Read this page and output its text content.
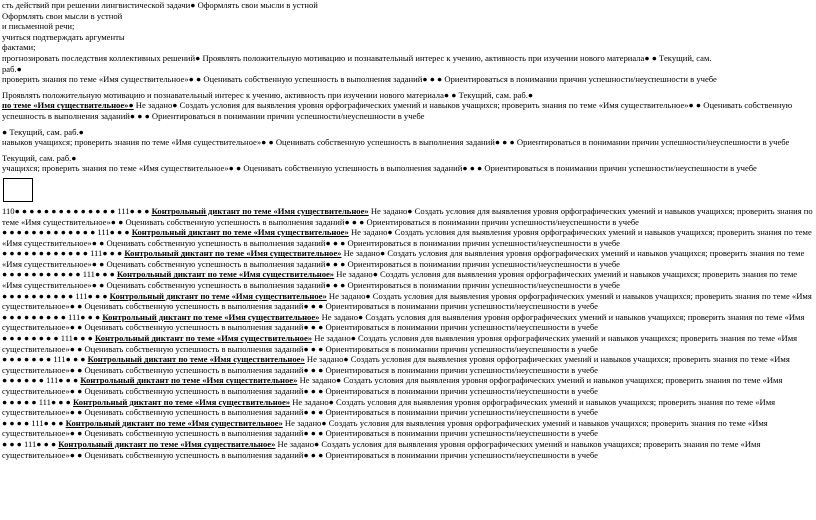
сть действий при решении лингвистической задачи● Оформлять свои мысли в устной
Оформлять свои мысли в устной
и письменной речи;
учиться подтверждать аргументы
фактами;
прогнозировать последствия коллективных решений● Проявлять положительную мотивацию и познавательный интерес к учению, активность при изучении нового материала● ● Текущий, сам.
раб.●
проверить знания по теме «Имя существительное»● ● Оценивать собственную успешность в выполнения заданий● ● ● Ориентироваться в понимании причин успешности/неуспешности в учебе
Проявлять положительную мотивацию и познавательный интерес к учению, активность при изучении нового материала● ● Текущий, сам. раб.●
по теме «Имя существительное»● Не задано● Создать условия для выявления уровня орфографических умений и навыков учащихся; проверить знания по теме «Имя существительное»● ● Оценивать собственную успешность в выполнения заданий● ● ● Ориентироваться в понимании причин успешности/неуспешности в учебе
● Текущий, сам. раб.●
навыков учащихся; проверить знания по теме «Имя существительное»● ● Оценивать собственную успешность в выполнения заданий● ● ● Ориентироваться в понимании причин успешности/неуспешности в учебе
Текущий, сам. раб.●
учащихся; проверить знания по теме «Имя существительное»● ● Оценивать собственную успешность в выполнения заданий● ● ● Ориентироваться в понимании причин успешности/неуспешности в учебе
110● ● ● ● ● ● ● ● ● ● ● ● ● ● 111● ● ● Контрольный диктант по теме «Имя существительное» Не задано● Создать условия для выявления уровня орфографических умений и навыков учащихся; проверить знания по теме «Имя существительное»● ● Оценивать собственную успешность в выполнения заданий● ● ● Ориентироваться в понимании причин успешности/неуспешности в учебе
● ● ● ● ● ● ● ● ● ● ● ● ● 111● ● ● Контрольный диктант по теме «Имя существительное» Не задано● Создать условия для выявления уровня орфографических умений и навыков учащихся; проверить знания по теме «Имя существительное»● ● Оценивать собственную успешность в выполнения заданий● ● ● Ориентироваться в понимании причин успешности/неуспешности в учебе
● ● ● ● ● ● ● ● ● ● ● ● 111● ● ● Контрольный диктант по теме «Имя существительное» Не задано● Создать условия для выявления уровня орфографических умений и навыков учащихся; проверить знания по теме «Имя существительное»● ● Оценивать собственную успешность в выполнения заданий● ● ● Ориентироваться в понимании причин успешности/неуспешности в учебе
● ● ● ● ● ● ● ● ● ● ● 111● ● ● Контрольный диктант по теме «Имя существительное» Не задано● Создать условия для выявления уровня орфографических умений и навыков учащихся; проверить знания по теме «Имя существительное»● ● Оценивать собственную успешность в выполнения заданий● ● ● Ориентироваться в понимании причин успешности/неуспешности в учебе
● ● ● ● ● ● ● ● ● ● 111● ● ● Контрольный диктант по теме «Имя существительное» Не задано● Создать условия для выявления уровня орфографических умений и навыков учащихся; проверить знания по теме «Имя существительное»● ● Оценивать собственную успешность в выполнения заданий● ● ● Ориентироваться в понимании причин успешности/неуспешности в учебе
● ● ● ● ● ● ● ● ● 111● ● ● Контрольный диктант по теме «Имя существительное» Не задано● Создать условия для выявления уровня орфографических умений и навыков учащихся; проверить знания по теме «Имя существительное»● ● Оценивать собственную успешность в выполнения заданий● ● ● Ориентироваться в понимании причин успешности/неуспешности в учебе
● ● ● ● ● ● ● ● 111● ● ● Контрольный диктант по теме «Имя существительное» Не задано● Создать условия для выявления уровня орфографических умений и навыков учащихся; проверить знания по теме «Имя существительное»● ● Оценивать собственную успешность в выполнения заданий● ● ● Ориентироваться в понимании причин успешности/неуспешности в учебе
● ● ● ● ● ● ● 111● ● ● Контрольный диктант по теме «Имя существительное» Не задано● Создать условия для выявления уровня орфографических умений и навыков учащихся; проверить знания по теме «Имя существительное»● ● Оценивать собственную успешность в выполнения заданий● ● ● Ориентироваться в понимании причин успешности/неуспешности в учебе
● ● ● ● ● ● 111● ● ● Контрольный диктант по теме «Имя существительное» Не задано● Создать условия для выявления уровня орфографических умений и навыков учащихся; проверить знания по теме «Имя существительное»● ● Оценивать собственную успешность в выполнения заданий● ● ● Ориентироваться в понимании причин успешности/неуспешности в учебе
● ● ● ● ● 111● ● ● Контрольный диктант по теме «Имя существительное» Не задано● Создать условия для выявления уровня орфографических умений и навыков учащихся; проверить знания по теме «Имя существительное»● ● Оценивать собственную успешность в выполнения заданий● ● ● Ориентироваться в понимании причин успешности/неуспешности в учебе
● ● ● ● 111● ● ● Контрольный диктант по теме «Имя существительное» Не задано● Создать условия для выявления уровня орфографических умений и навыков учащихся; проверить знания по теме «Имя существительное»● ● Оценивать собственную успешность в выполнения заданий● ● ● Ориентироваться в понимании причин успешности/неуспешности в учебе
● ● ● 111● ● ● Контрольный диктант по теме «Имя существительное» Не задано● Создать условия для выявления уровня орфографических умений и навыков учащихся; проверить знания по теме «Имя существительное»● ● Оценивать собственную успешность в выполнения заданий● ● ● Ориентироваться в понимании причин успешности/неуспешности в учебе
